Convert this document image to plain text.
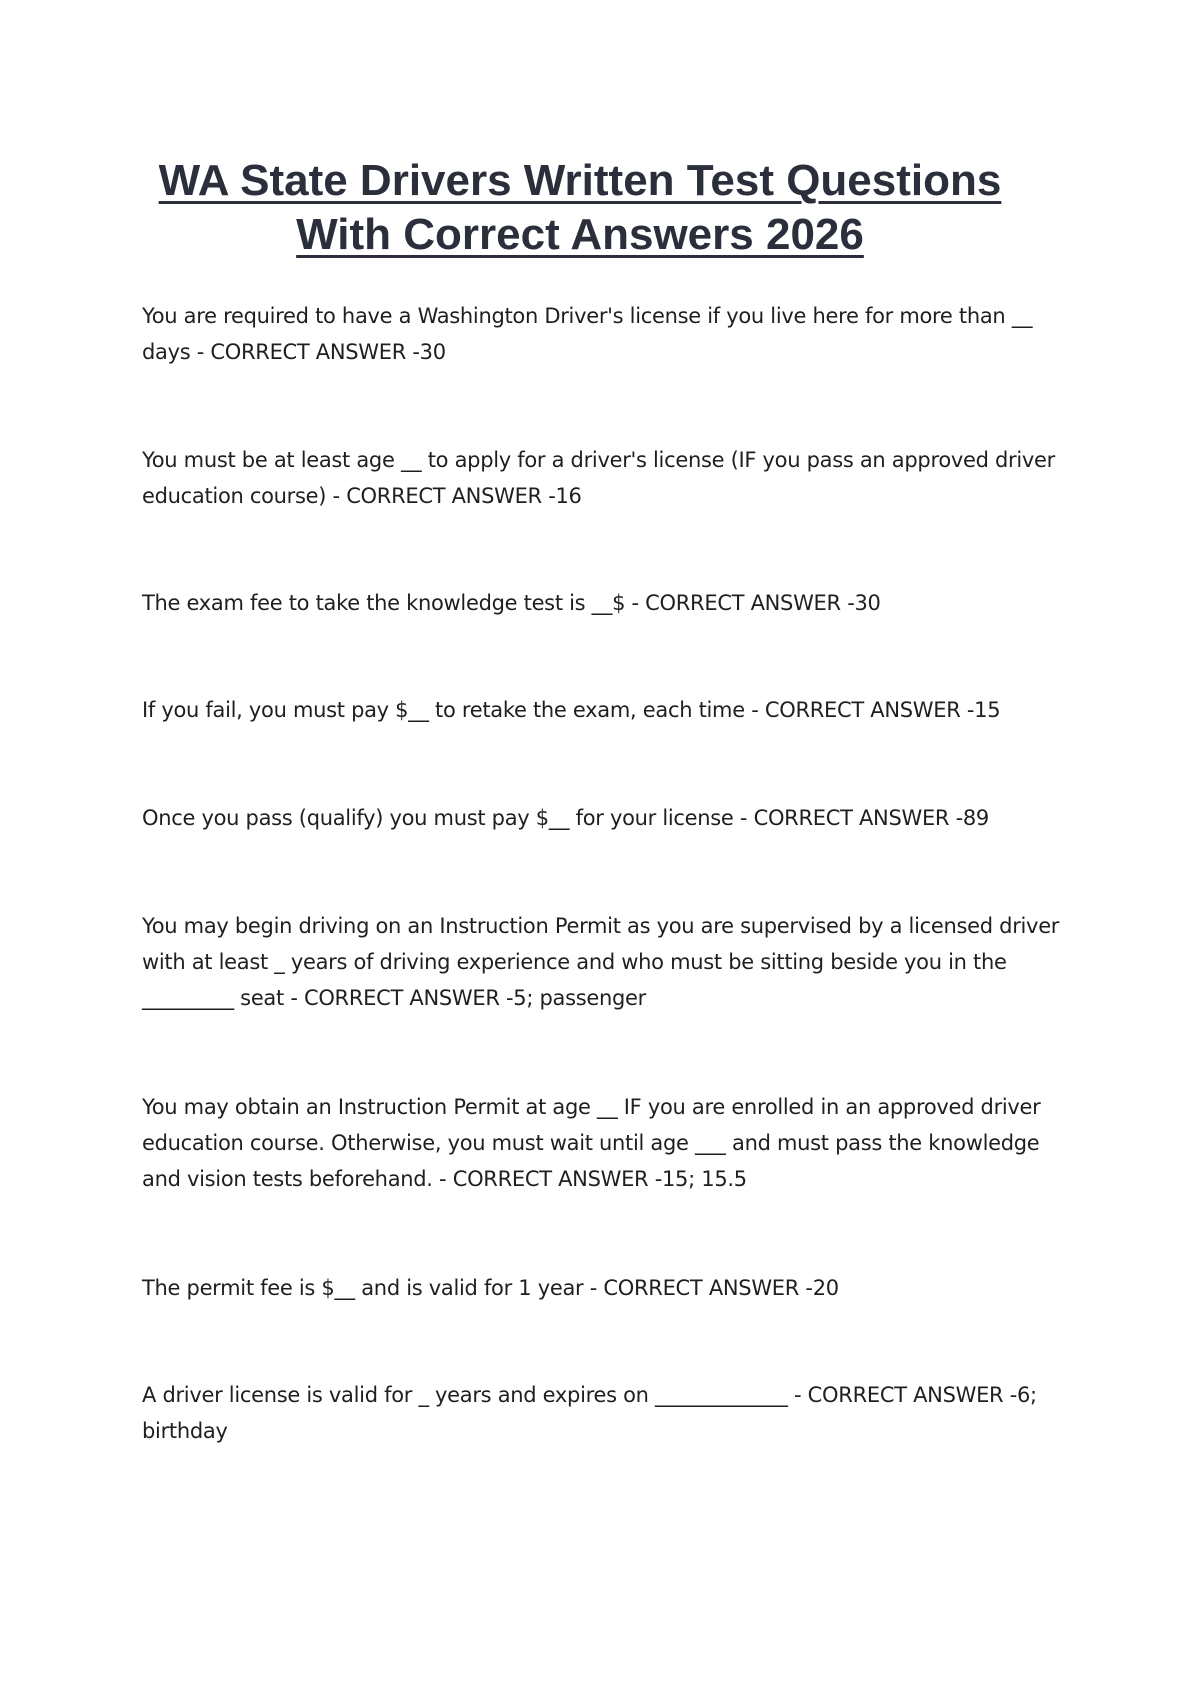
WA State Drivers Written Test Questions
With Correct Answers 2026

You are required to have a Washington Driver's license if you live here for more than __ days - CORRECT ANSWER -30

You must be at least age __ to apply for a driver's license (IF you pass an approved driver education course) - CORRECT ANSWER -16

The exam fee to take the knowledge test is __$ - CORRECT ANSWER -30

If you fail, you must pay $__ to retake the exam, each time - CORRECT ANSWER -15

Once you pass (qualify) you must pay $__ for your license - CORRECT ANSWER -89

You may begin driving on an Instruction Permit as you are supervised by a licensed driver with at least _ years of driving experience and who must be sitting beside you in the _________ seat - CORRECT ANSWER -5; passenger

You may obtain an Instruction Permit at age __ IF you are enrolled in an approved driver education course. Otherwise, you must wait until age ___ and must pass the knowledge and vision tests beforehand. - CORRECT ANSWER -15; 15.5

The permit fee is $__ and is valid for 1 year - CORRECT ANSWER -20

A driver license is valid for _ years and expires on _____________ - CORRECT ANSWER -6; birthday
